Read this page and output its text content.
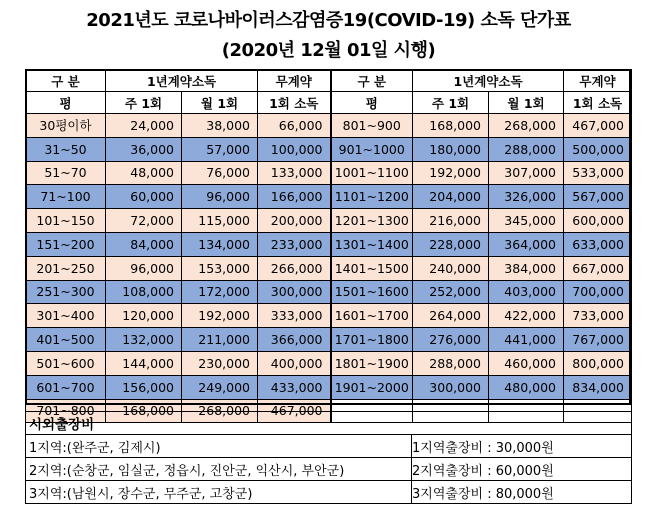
2021년도 코로나바이러스감염증19(COVID-19) 소독 단가표
(2020년 12월 01일 시행)
구 분	1년계약소독		무계약	구 분	1년계약소독		무계약
평	주 1회	월 1회	1회 소독	평	주 1회	월 1회	1회 소독
30평이하	24,000	38,000	66,000	801~900	168,000	268,000	467,000
31~50	36,000	57,000	100,000	901~1000	180,000	288,000	500,000
51~70	48,000	76,000	133,000	1001~1100	192,000	307,000	533,000
71~100	60,000	96,000	166,000	1101~1200	204,000	326,000	567,000
101~150	72,000	115,000	200,000	1201~1300	216,000	345,000	600,000
151~200	84,000	134,000	233,000	1301~1400	228,000	364,000	633,000
201~250	96,000	153,000	266,000	1401~1500	240,000	384,000	667,000
251~300	108,000	172,000	300,000	1501~1600	252,000	403,000	700,000
301~400	120,000	192,000	333,000	1601~1700	264,000	422,000	733,000
401~500	132,000	211,000	366,000	1701~1800	276,000	441,000	767,000
501~600	144,000	230,000	400,000	1801~1900	288,000	460,000	800,000
601~700	156,000	249,000	433,000	1901~2000	300,000	480,000	834,000
701~800	168,000	268,000	467,000				
시외출장비	
1지역:(완주군, 김제시)	1지역출장비 : 30,000원
2지역:(순창군, 임실군, 정읍시, 진안군, 익산시, 부안군)	2지역출장비 : 60,000원
3지역:(남원시, 장수군, 무주군, 고창군)	3지역출장비 : 80,000원
